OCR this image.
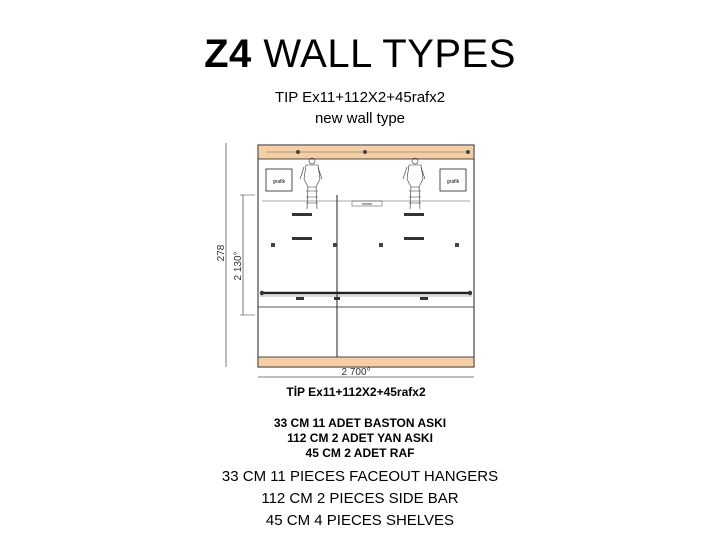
Z4 WALL TYPES
TIP Ex11+112X2+45rafx2
new wall type
278 2 130°
grafik	grafik
xxxxx
2 700°
TİP Ex11+112X2+45rafx2
33 CM 11 ADET BASTON ASKI
112 CM 2 ADET YAN ASKI
45 CM 2 ADET RAF
33 CM 11 PIECES FACEOUT HANGERS
112 CM 2 PIECES SIDE BAR
45 CM 4 PIECES SHELVES
